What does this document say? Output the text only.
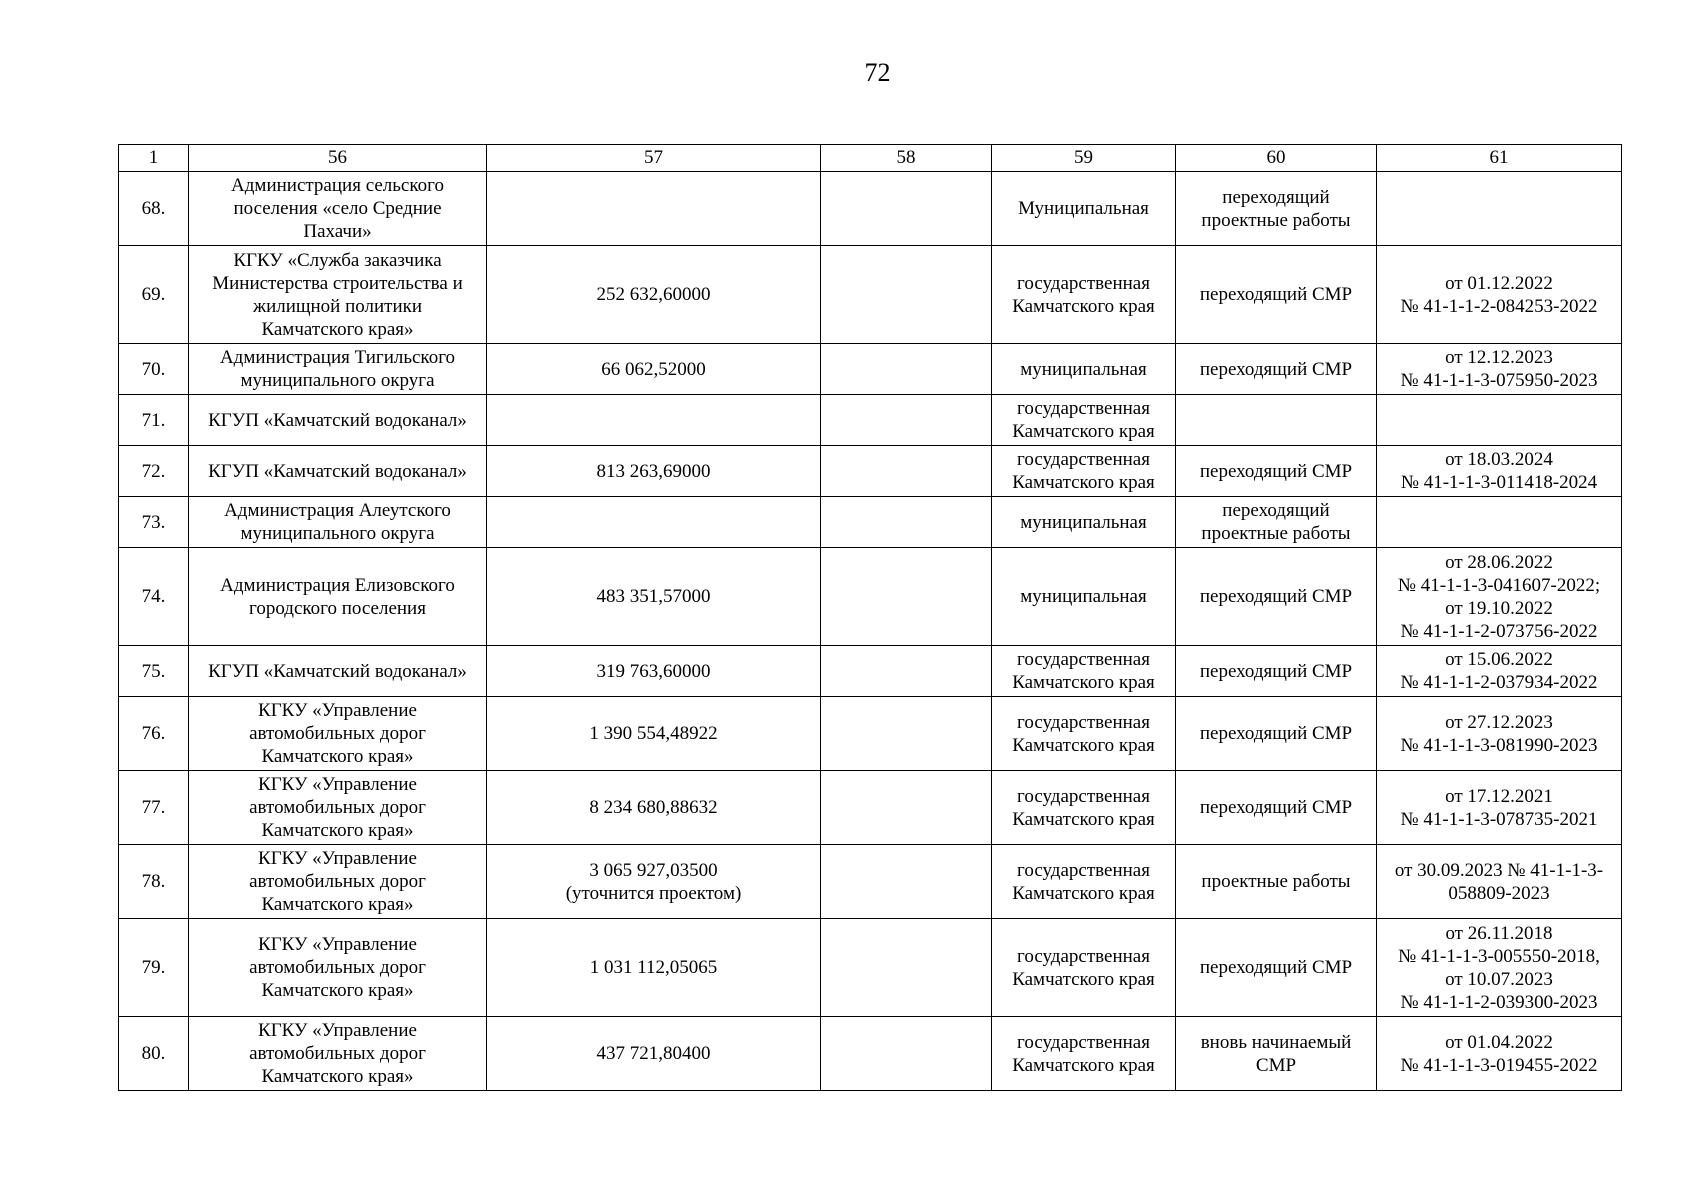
72
1	56	57	58	59	60	61
68.	Администрация сельского
поселения «село Средние
Пахачи»			Муниципальная	переходящий
проектные работы	
69.	КГКУ «Служба заказчика
Министерства строительства и
жилищной политики
Камчатского края»	252 632,60000		государственная
Камчатского края	переходящий СМР	от 01.12.2022
№ 41-1-1-2-084253-2022
70.	Администрация Тигильского
муниципального округа	66 062,52000		муниципальная	переходящий СМР	от 12.12.2023
№ 41-1-1-3-075950-2023
71.	КГУП «Камчатский водоканал»			государственная
Камчатского края		
72.	КГУП «Камчатский водоканал»	813 263,69000		государственная
Камчатского края	переходящий СМР	от 18.03.2024
№ 41-1-1-3-011418-2024
73.	Администрация Алеутского
муниципального округа			муниципальная	переходящий
проектные работы	
74.	Администрация Елизовского
городского поселения	483 351,57000		муниципальная	переходящий СМР	от 28.06.2022
№ 41-1-1-3-041607-2022;
от 19.10.2022
№ 41-1-1-2-073756-2022
75.	КГУП «Камчатский водоканал»	319 763,60000		государственная
Камчатского края	переходящий СМР	от 15.06.2022
№ 41-1-1-2-037934-2022
76.	КГКУ «Управление
автомобильных дорог
Камчатского края»	1 390 554,48922		государственная
Камчатского края	переходящий СМР	от 27.12.2023
№ 41-1-1-3-081990-2023
77.	КГКУ «Управление
автомобильных дорог
Камчатского края»	8 234 680,88632		государственная
Камчатского края	переходящий СМР	от 17.12.2021
№ 41-1-1-3-078735-2021
78.	КГКУ «Управление
автомобильных дорог
Камчатского края»	3 065 927,03500
(уточнится проектом)		государственная
Камчатского края	проектные работы	от 30.09.2023 № 41-1-1-3-
058809-2023
79.	КГКУ «Управление
автомобильных дорог
Камчатского края»	1 031 112,05065		государственная
Камчатского края	переходящий СМР	от 26.11.2018
№ 41-1-1-3-005550-2018,
от 10.07.2023
№ 41-1-1-2-039300-2023
80.	КГКУ «Управление
автомобильных дорог
Камчатского края»	437 721,80400		государственная
Камчатского края	вновь начинаемый
СМР	от 01.04.2022
№ 41-1-1-3-019455-2022
